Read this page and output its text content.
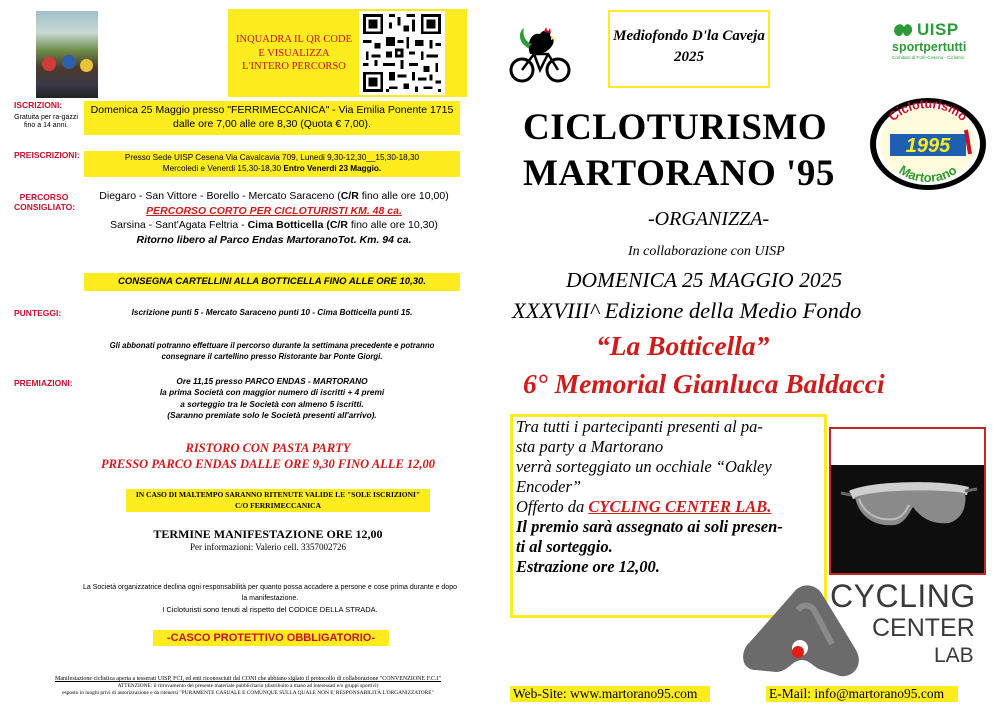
INQUADRA IL QR CODE
E VISUALIZZA
L'INTERO PERCORSO
ISCRIZIONI:
Gratuita per ra-gazzi fino a 14 anni.
Domenica 25 Maggio presso "FERRIMECCANICA" - Via Emilia Ponente 1715
dalle ore 7,00 alle ore 8,30 (Quota € 7,00).
PREISCRIZIONI:	Presso Sede UISP Cesena Via Cavalcavia 709, Lunedi 9,30-12,30__15,30-18,30
Mercoledi e Venerdi 15,30-18,30 Entro Venerdi 23 Maggio.
PERCORSO CONSIGLIATO:
Diegaro - San Vittore - Borello - Mercato Saraceno (C/R fino alle ore 10,00)
PERCORSO CORTO PER CICLOTURISTI KM. 48 ca.
Sarsina - Sant'Agata Feltria - Cima Botticella (C/R fino alle ore 10,30)
Ritorno libero al Parco Endas MartoranoTot. Km. 94 ca.
CONSEGNA CARTELLINI ALLA BOTTICELLA FINO ALLE ORE 10,30.
PUNTEGGI:	Iscrizione punti 5 - Mercato Saraceno punti 10 - Cima Botticella punti 15.
Gli abbonati potranno effettuare il percorso durante la settimana precedente e potranno
consegnare il cartellino presso Ristorante bar Ponte Giorgi.
PREMIAZIONI:	Ore 11,15 presso PARCO ENDAS - MARTORANO
la prima Società con maggior numero di iscritti + 4 premi
a sorteggio tra le Società con almeno 5 iscritti.
(Saranno premiate solo le Società presenti all'arrivo).
RISTORO CON PASTA PARTY
PRESSO PARCO ENDAS DALLE ORE 9,30 FINO ALLE 12,00
IN CASO DI MALTEMPO SARANNO RITENUTE VALIDE LE "SOLE ISCRIZIONI"
C/O FERRIMECCANICA
TERMINE MANIFESTAZIONE ORE 12,00
Per informazioni: Valerio cell. 3357002726
La Società organizzatrice declina ogni responsabilità per quanto possa accadere a persone e cose prima durante e dopo
la manifestazione.
I Cicloturisti sono tenuti al rispetto del CODICE DELLA STRADA.
-CASCO PROTETTIVO OBBLIGATORIO-
Manifestazione ciclistica aperta a tesserati UISP, FCI, ed enti riconosciuti dal CONI che abbiano siglato il protocollo di collaborazione "CONVENZIONE F.C.I"
ATTENZIONE: il ritrovamento del presente materiale pubblicitario (distribuito a mano ad interessati e/o gruppi sportivi)
esposto in luoghi privi di autorizzazione e da ritenersi "PURAMENTE CASUALE E COMUNQUE SULLA QUALE NON E' RESPONSABILITÀ L'ORGANIZZATORE"
Mediofondo D'la Caveja
2025
UISP
sportpertutti
Comitato di Forlì-Cesena - Ciclismo
CICLOTURISMO
MARTORANO '95
Cicloturismo
Martorano
1995
-ORGANIZZA-
In collaborazione con UISP
DOMENICA 25 MAGGIO 2025
XXXVIII^ Edizione della Medio Fondo
“La Botticella”
6° Memorial Gianluca Baldacci
Tra tutti i partecipanti presenti al pa-
sta party a Martorano
verrà sorteggiato un occhiale “Oakley
Encoder”
Offerto da CYCLING CENTER LAB.
Il premio sarà assegnato ai soli presen-
ti al sorteggio.
Estrazione ore 12,00.
CYCLING
CENTER
LAB
Web-Site: www.martorano95.com	E-Mail: info@martorano95.com
